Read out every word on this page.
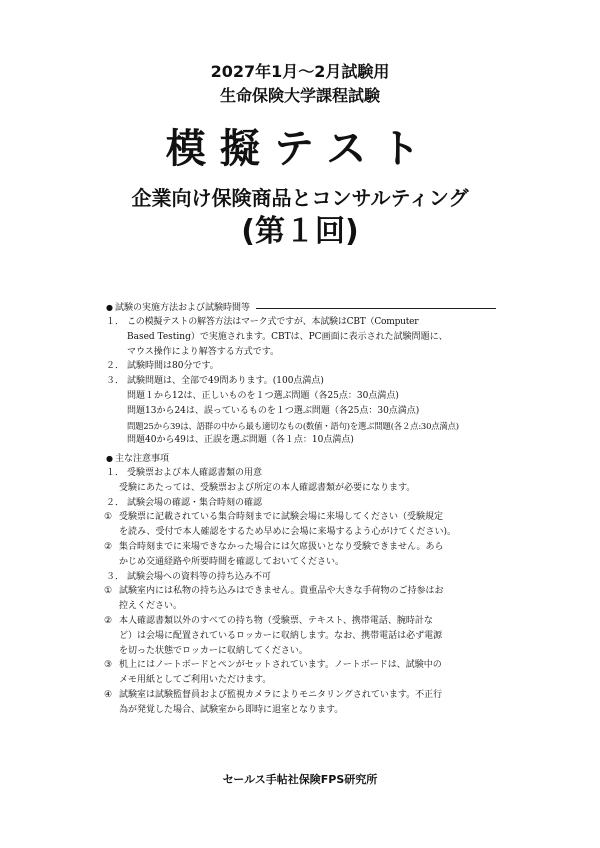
2027年1月～2月試験用
生命保険大学課程試験
模擬テスト
企業向け保険商品とコンサルティング
(第１回)
● 試験の実施方法および試験時間等
１． この模擬テストの解答方法はマーク式ですが、本試験はCBT（Computer
Based Testing）で実施されます。CBTは、PC画面に表示された試験問題に、
マウス操作により解答する方式です。
２． 試験時間は80分です。
３． 試験問題は、全部で49問あります。(100点満点)
問題１から12は、正しいものを１つ選ぶ問題（各25点：30点満点)
問題13から24は、誤っているものを１つ選ぶ問題（各25点：30点満点)
問題25から39は、語群の中から最も適切なもの(数値・語句)を選ぶ問題(各２点:30点満点)
問題40から49は、正誤を選ぶ問題（各１点：10点満点)
● 主な注意事項
１． 受験票および本人確認書類の用意
受験にあたっては、受験票および所定の本人確認書類が必要になります。
２． 試験会場の確認・集合時刻の確認
① 受験票に記載されている集合時刻までに試験会場に来場してください（受験規定
を読み、受付で本人確認をするため早めに会場に来場するよう心がけてください)。
② 集合時刻までに来場できなかった場合には欠席扱いとなり受験できません。あら
かじめ交通経路や所要時間を確認しておいてください。
３． 試験会場への資料等の持ち込み不可
① 試験室内には私物の持ち込みはできません。貴重品や大きな手荷物のご持参はお
控えください。
② 本人確認書類以外のすべての持ち物（受験票、テキスト、携帯電話、腕時計な
ど）は会場に配置されているロッカーに収納します。なお、携帯電話は必ず電源
を切った状態でロッカーに収納してください。
③ 机上にはノートボードとペンがセットされています。ノートボードは、試験中の
メモ用紙としてご利用いただけます。
④ 試験室は試験監督員および監視カメラによりモニタリングされています。不正行
為が発覚した場合、試験室から即時に退室となります。
セールス手帖社保険FPS研究所
